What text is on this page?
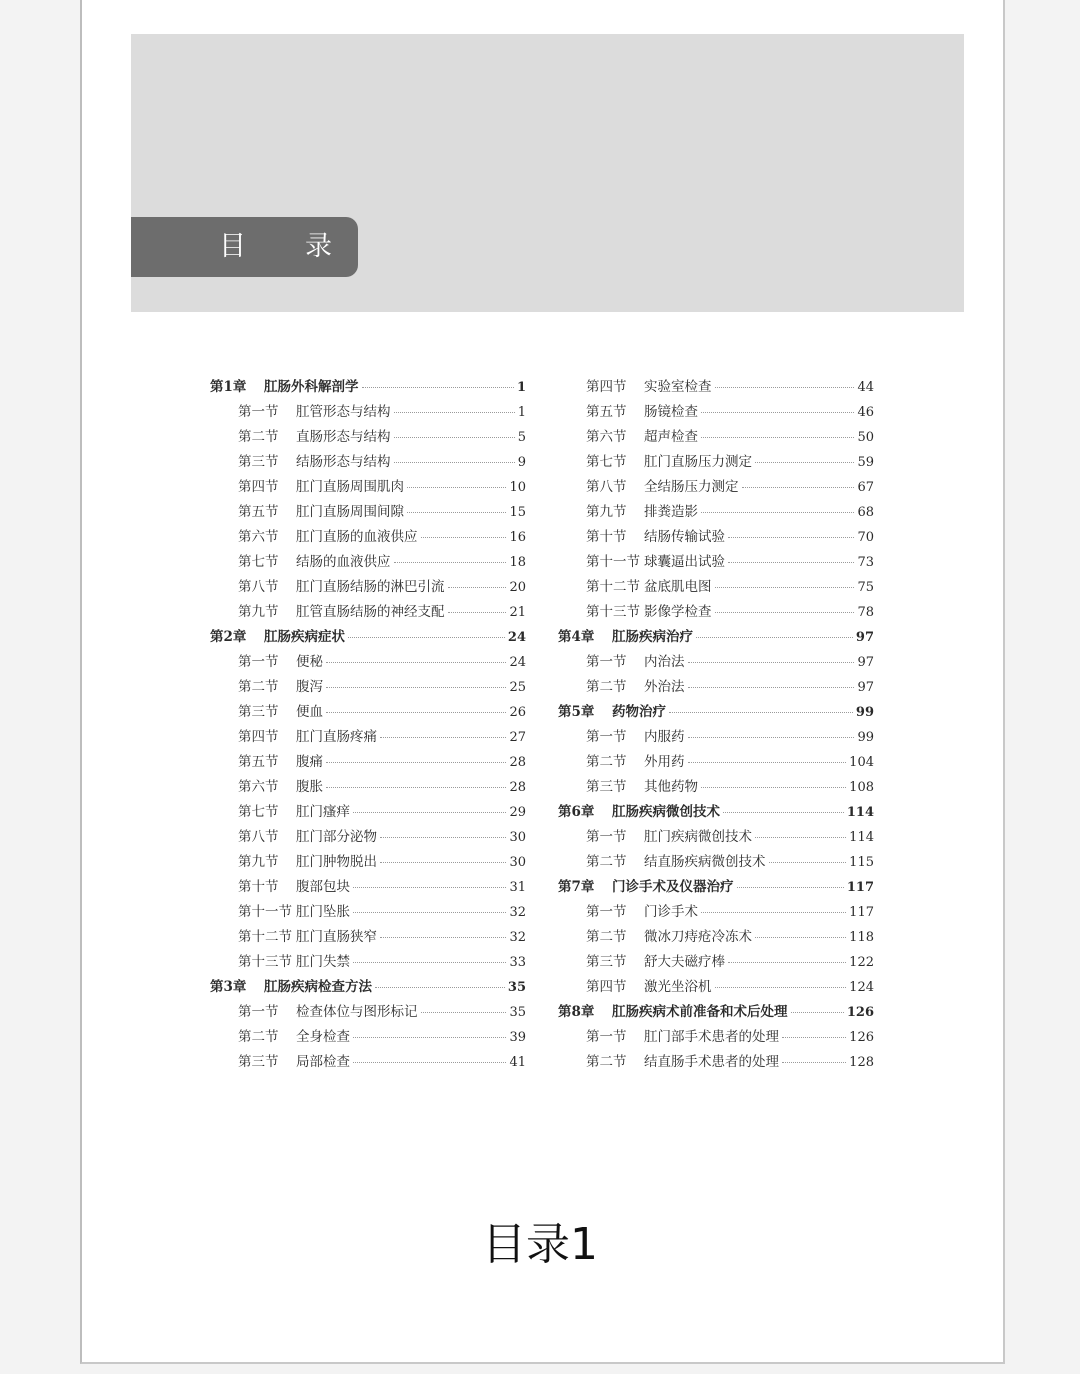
目 录
第1章 肛肠外科解剖学	1
第一节 肛管形态与结构	1
第二节 直肠形态与结构	5
第三节 结肠形态与结构	9
第四节 肛门直肠周围肌肉	10
第五节 肛门直肠周围间隙	15
第六节 肛门直肠的血液供应	16
第七节 结肠的血液供应	18
第八节 肛门直肠结肠的淋巴引流	20
第九节 肛管直肠结肠的神经支配	21
第2章 肛肠疾病症状	24
第一节 便秘	24
第二节 腹泻	25
第三节 便血	26
第四节 肛门直肠疼痛	27
第五节 腹痛	28
第六节 腹胀	28
第七节 肛门瘙痒	29
第八节 肛门部分泌物	30
第九节 肛门肿物脱出	30
第十节 腹部包块	31
第十一节 肛门坠胀	32
第十二节 肛门直肠狭窄	32
第十三节 肛门失禁	33
第3章 肛肠疾病检查方法	35
第一节 检查体位与图形标记	35
第二节 全身检查	39
第三节 局部检查	41
第四节 实验室检查	44
第五节 肠镜检查	46
第六节 超声检查	50
第七节 肛门直肠压力测定	59
第八节 全结肠压力测定	67
第九节 排粪造影	68
第十节 结肠传输试验	70
第十一节 球囊逼出试验	73
第十二节 盆底肌电图	75
第十三节 影像学检查	78
第4章 肛肠疾病治疗	97
第一节 内治法	97
第二节 外治法	97
第5章 药物治疗	99
第一节 内服药	99
第二节 外用药	104
第三节 其他药物	108
第6章 肛肠疾病微创技术	114
第一节 肛门疾病微创技术	114
第二节 结直肠疾病微创技术	115
第7章 门诊手术及仪器治疗	117
第一节 门诊手术	117
第二节 微冰刀痔疮冷冻术	118
第三节 舒大夫磁疗棒	122
第四节 激光坐浴机	124
第8章 肛肠疾病术前准备和术后处理	126
第一节 肛门部手术患者的处理	126
第二节 结直肠手术患者的处理	128
目录1
